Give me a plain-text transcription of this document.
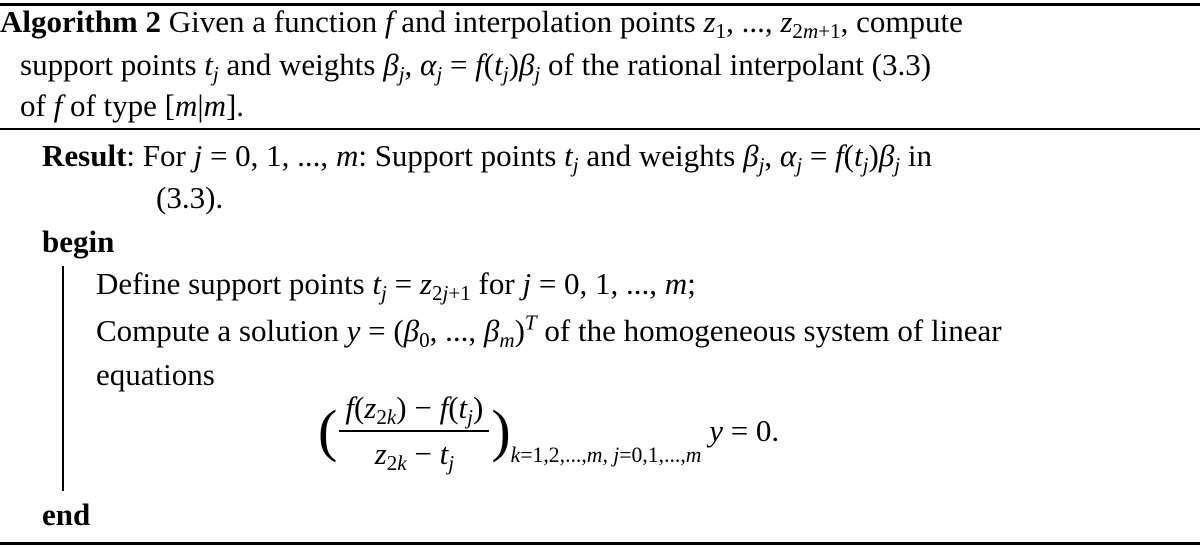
Algorithm 2 Given a function f and interpolation points $z_1$, ..., $z_{2m+1}$, compute
support points $t_j$ and weights $\beta_j$, $\alpha_j = f(t_j)\beta_j$ of the rational interpolant (3.3)
of f of type [m|m].
Result: For j = 0, 1, ..., m: Support points $t_j$ and weights $\beta_j$, $\alpha_j = f(t_j)\beta_j$ in
(3.3).
begin
Define support points $t_j = z_{2j+1}$ for j = 0, 1, ..., m;
Compute a solution $y = (\beta_0$, ..., $\beta_m)^T$ of the homogeneous system of linear
equations
( $\frac{f(z_{2k}) - f(t_j)}{z_{2k} - t_j} )_{k=1,2,...,m, j=0,1,...,m}$ y = 0.
end
